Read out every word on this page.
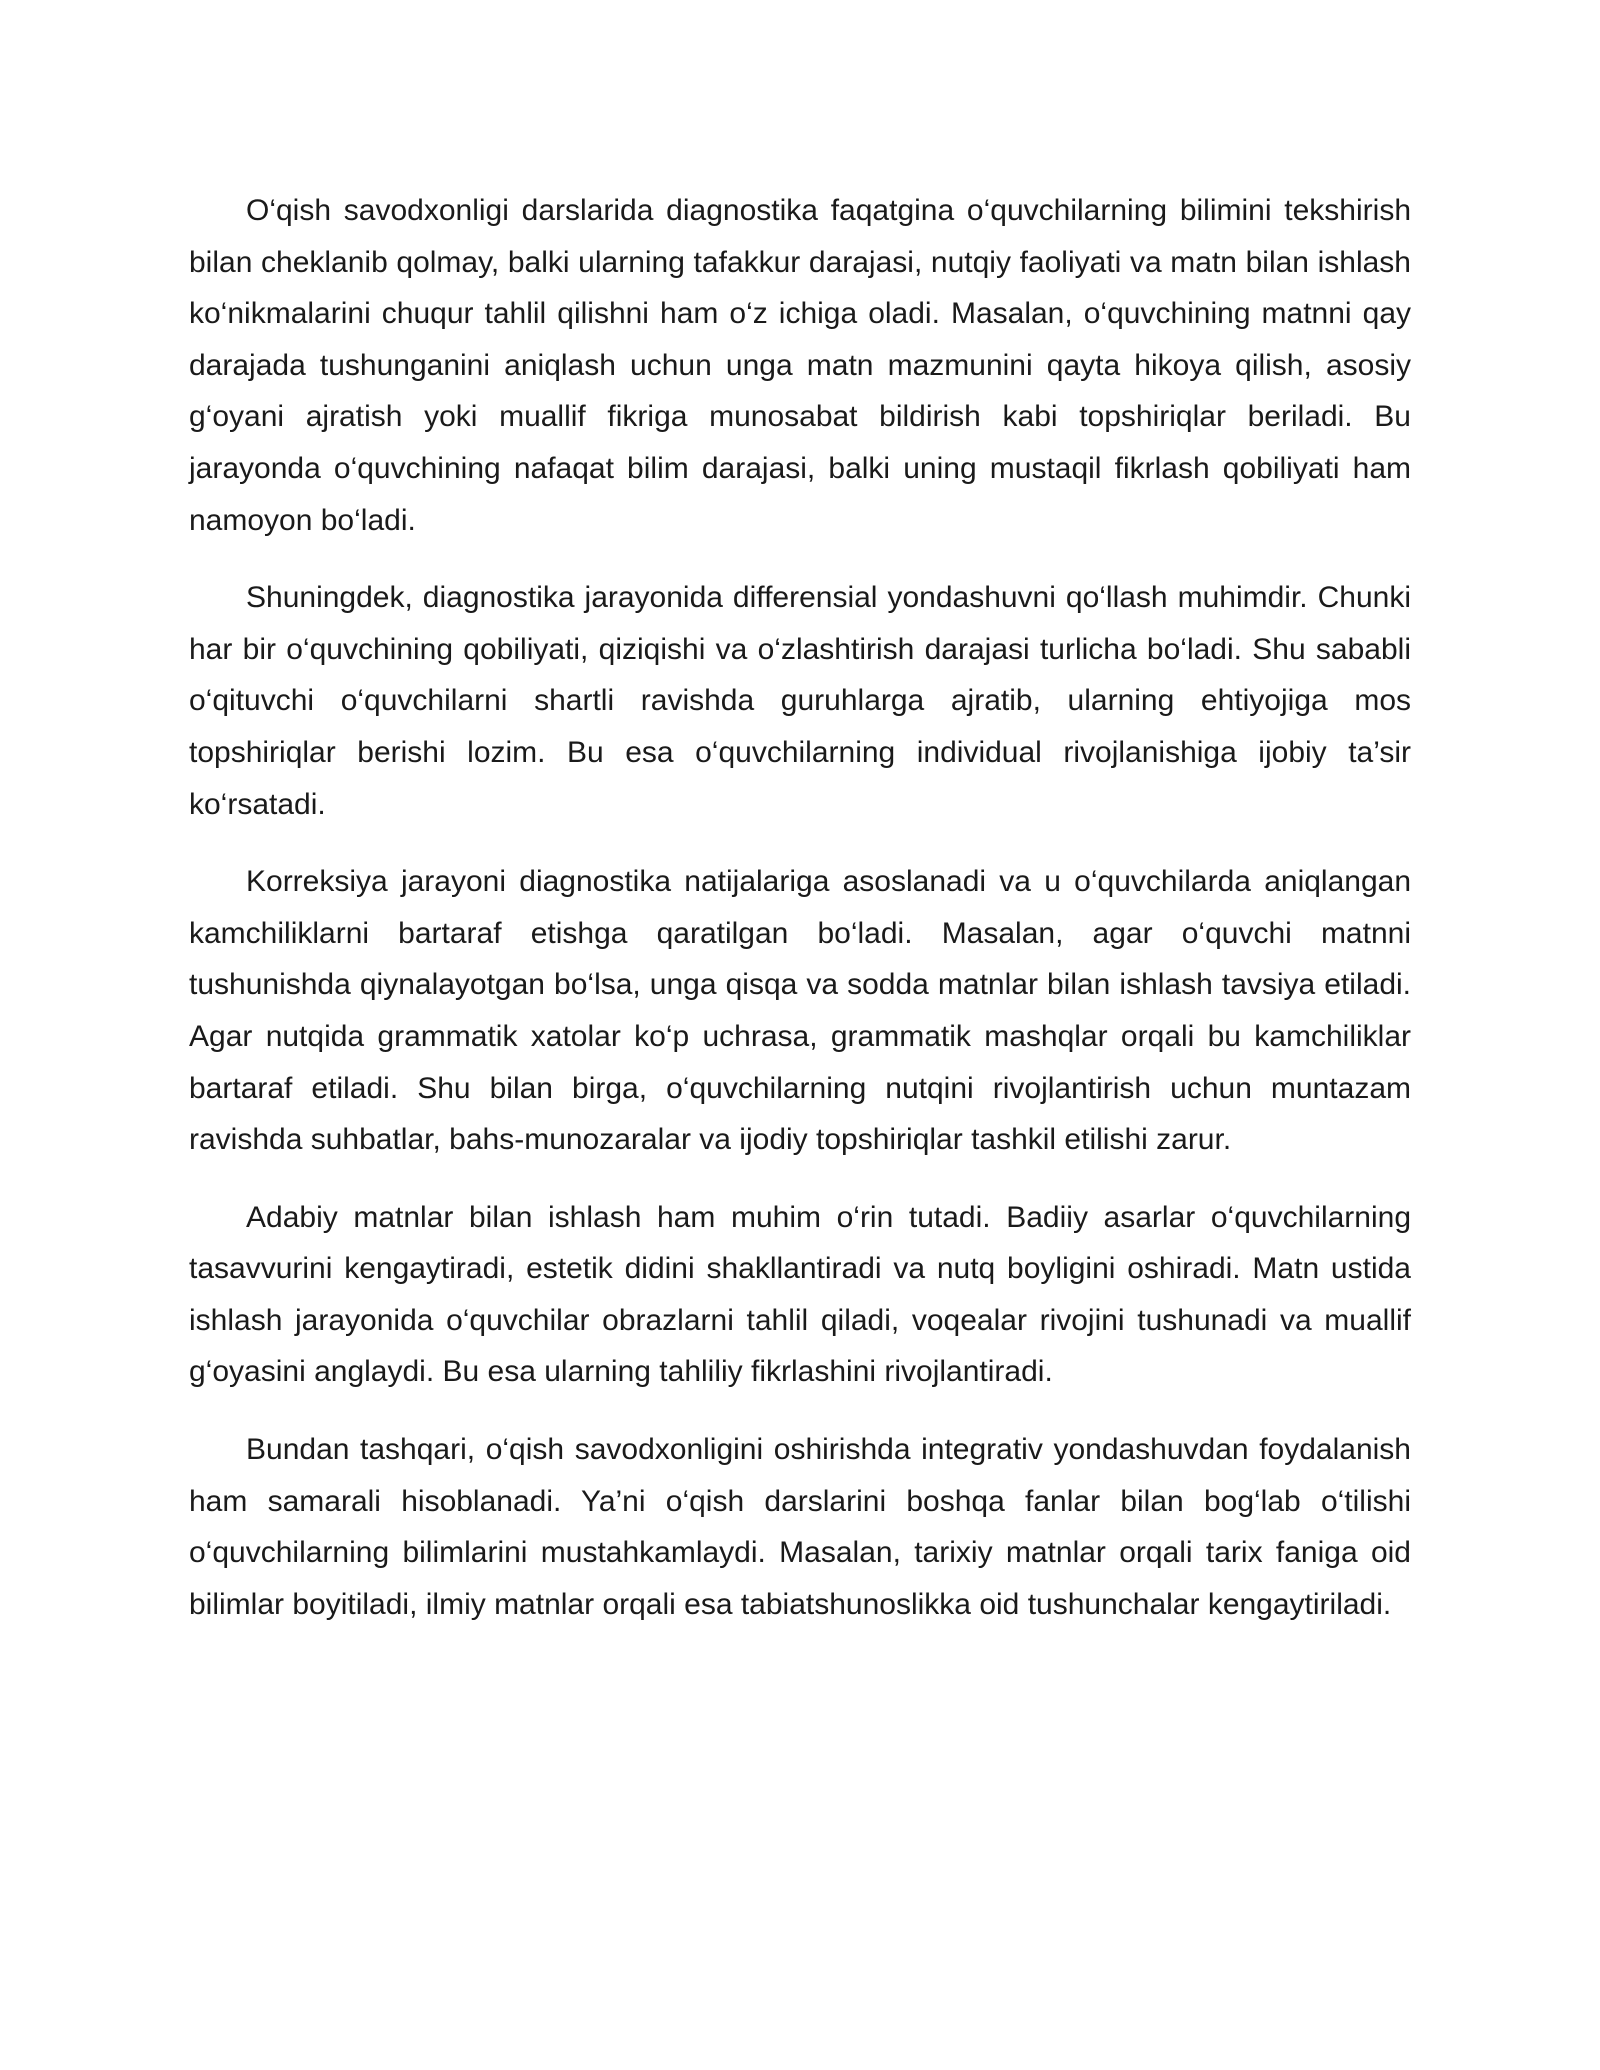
O‘qish savodxonligi darslarida diagnostika faqatgina o‘quvchilarning bilimini tekshirish bilan cheklanib qolmay, balki ularning tafakkur darajasi, nutqiy faoliyati va matn bilan ishlash ko‘nikmalarini chuqur tahlil qilishni ham o‘z ichiga oladi. Masalan, o‘quvchining matnni qay darajada tushunganini aniqlash uchun unga matn mazmunini qayta hikoya qilish, asosiy g‘oyani ajratish yoki muallif fikriga munosabat bildirish kabi topshiriqlar beriladi. Bu jarayonda o‘quvchining nafaqat bilim darajasi, balki uning mustaqil fikrlash qobiliyati ham namoyon bo‘ladi.

Shuningdek, diagnostika jarayonida differensial yondashuvni qo‘llash muhimdir. Chunki har bir o‘quvchining qobiliyati, qiziqishi va o‘zlashtirish darajasi turlicha bo‘ladi. Shu sababli o‘qituvchi o‘quvchilarni shartli ravishda guruhlarga ajratib, ularning ehtiyojiga mos topshiriqlar berishi lozim. Bu esa o‘quvchilarning individual rivojlanishiga ijobiy ta’sir ko‘rsatadi.

Korreksiya jarayoni diagnostika natijalariga asoslanadi va u o‘quvchilarda aniqlangan kamchiliklarni bartaraf etishga qaratilgan bo‘ladi. Masalan, agar o‘quvchi matnni tushunishda qiynalayotgan bo‘lsa, unga qisqa va sodda matnlar bilan ishlash tavsiya etiladi. Agar nutqida grammatik xatolar ko‘p uchrasa, grammatik mashqlar orqali bu kamchiliklar bartaraf etiladi. Shu bilan birga, o‘quvchilarning nutqini rivojlantirish uchun muntazam ravishda suhbatlar, bahs-munozaralar va ijodiy topshiriqlar tashkil etilishi zarur.

Adabiy matnlar bilan ishlash ham muhim o‘rin tutadi. Badiiy asarlar o‘quvchilarning tasavvurini kengaytiradi, estetik didini shakllantiradi va nutq boyligini oshiradi. Matn ustida ishlash jarayonida o‘quvchilar obrazlarni tahlil qiladi, voqealar rivojini tushunadi va muallif g‘oyasini anglaydi. Bu esa ularning tahliliy fikrlashini rivojlantiradi.

Bundan tashqari, o‘qish savodxonligini oshirishda integrativ yondashuvdan foydalanish ham samarali hisoblanadi. Ya’ni o‘qish darslarini boshqa fanlar bilan bog‘lab o‘tilishi o‘quvchilarning bilimlarini mustahkamlaydi. Masalan, tarixiy matnlar orqali tarix faniga oid bilimlar boyitiladi, ilmiy matnlar orqali esa tabiatshunoslikka oid tushunchalar kengaytiriladi.
